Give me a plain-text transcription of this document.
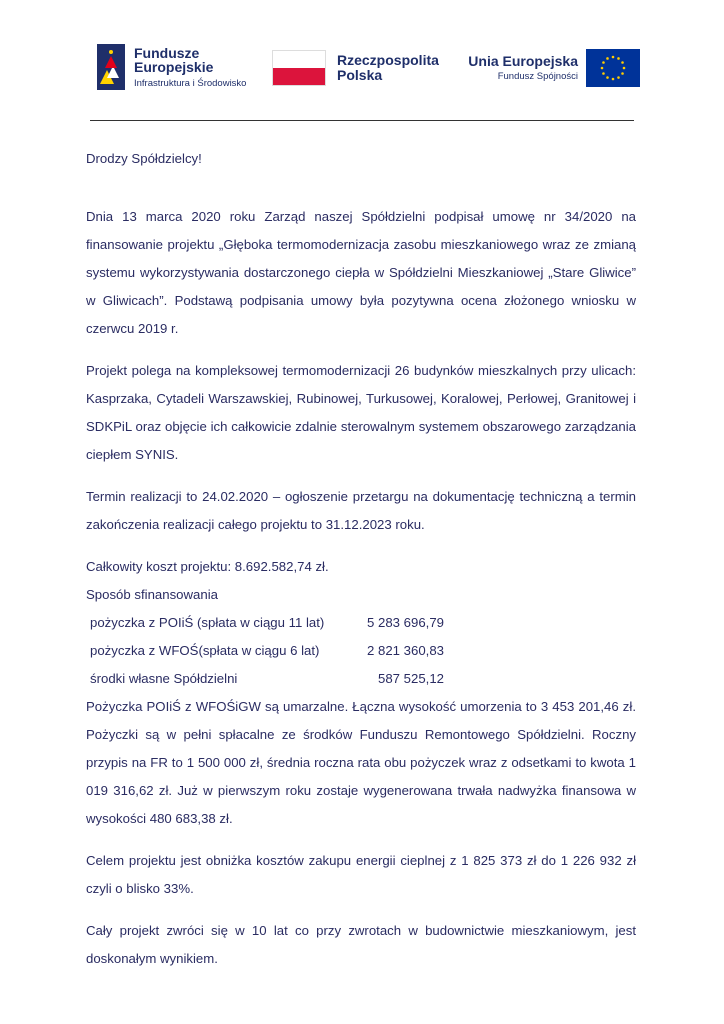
Fundusze
Europejskie
Infrastruktura i Środowisko
Rzeczpospolita
Polska
Unia Europejska
Fundusz Spójności

Drodzy Spółdzielcy!

Dnia 13 marca 2020 roku Zarząd naszej Spółdzielni podpisał umowę nr 34/2020 na finansowanie projektu „Głęboka termomodernizacja zasobu mieszkaniowego wraz ze zmianą systemu wykorzystywania dostarczonego ciepła w Spółdzielni Mieszkaniowej „Stare Gliwice” w Gliwicach”. Podstawą podpisania umowy była pozytywna ocena złożonego wniosku w czerwcu 2019 r.

Projekt polega na kompleksowej termomodernizacji 26 budynków mieszkalnych przy ulicach: Kasprzaka, Cytadeli Warszawskiej, Rubinowej, Turkusowej, Koralowej, Perłowej, Granitowej i SDKPiL oraz objęcie ich całkowicie zdalnie sterowalnym systemem obszarowego zarządzania ciepłem SYNIS.

Termin realizacji to 24.02.2020 – ogłoszenie przetargu na dokumentację techniczną a termin zakończenia realizacji całego projektu to 31.12.2023 roku.

Całkowity koszt projektu: 8.692.582,74 zł.

Sposób sfinansowania

pożyczka z POIiŚ (spłata w ciągu 11 lat)	5 283 696,79
pożyczka z WFOŚ(spłata w ciągu 6 lat)	2 821 360,83
środki własne Spółdzielni	587 525,12

Pożyczka POIiŚ z WFOŚiGW są umarzalne. Łączna wysokość umorzenia to 3 453 201,46 zł. Pożyczki są w pełni spłacalne ze środków Funduszu Remontowego Spółdzielni. Roczny przypis na FR to 1 500 000 zł, średnia roczna rata obu pożyczek wraz z odsetkami to kwota 1 019 316,62 zł. Już w pierwszym roku zostaje wygenerowana trwała nadwyżka finansowa w wysokości 480 683,38 zł.

Celem projektu jest obniżka kosztów zakupu energii cieplnej z 1 825 373 zł do 1 226 932 zł czyli o blisko 33%.

Cały projekt zwróci się w 10 lat co przy zwrotach w budownictwie mieszkaniowym, jest doskonałym wynikiem.
